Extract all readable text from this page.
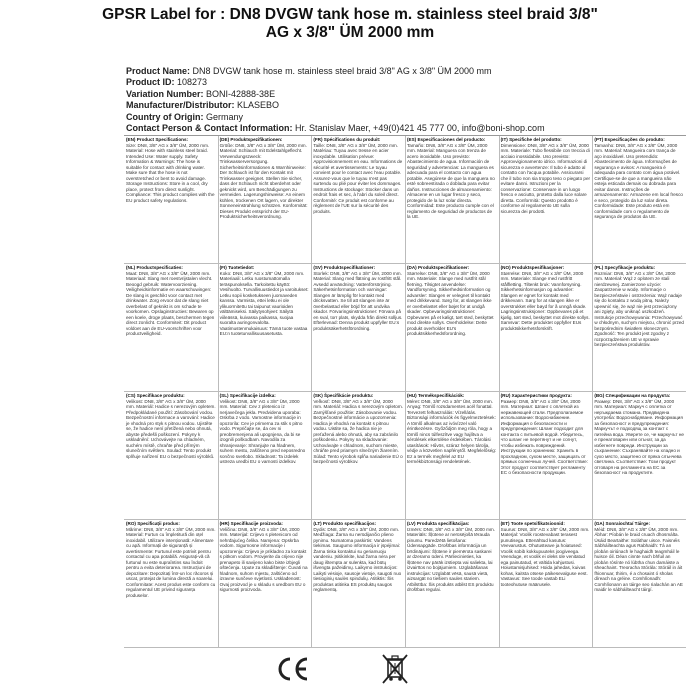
GPSR Label for : DN8 DVGW tank hose m. stainless steel braid 3/8"
AG x 3/8" ÜM 2000 mm
Product Name: DN8 DVGW tank hose m. stainless steel braid 3/8" AG x 3/8" ÜM 2000 mm
Product ID: 108273
Variation Number: BONI-42888-38E
Manufacturer/Distributor: KLASEBO
Country of Origin: Germany
Contact Person & Contact Information: Hr. Stanislav Maer, +49(0)421 45 777 00, info@boni-shop.com

(EN) Product Specifications:

Size: DN8, 3/8" AG x 3/8" ÜM, 2000 mm. Material: Hose with stainless steel braid. Intended Use: Water supply. Safety Information & Warnings: The hose is suitable for contact with drinking water. Make sure that the hose is not overstretched or bent to avoid damage. Storage Instructions: Store in a cool, dry place, protect from direct sunlight. Compliance: This product complies with the EU product safety regulations.

(DE) Produktspezifikationen:

Größe: DN8, 3/8" AG x 3/8" ÜM, 2000 mm. Material: Schlauch mit Edelstahlgeflecht. Verwendungszweck: Trinkwasserversorgung. Sicherheitsinformationen & Warnhinweise: Der Schlauch ist für den Kontakt mit Trinkwasser geeignet. Stellen Sie sicher, dass der Schlauch nicht überdehnt oder geknickt wird, um Beschädigungen zu vermeiden. Lagerungshinweise: An einem kühlen, trockenen Ort lagern, vor direkter Sonneneinstrahlung schützen. Konformität: Dieses Produkt entspricht der EU-Produktsicherheitsverordnung.

(FR) Spécifications du produit:

Taille: DN8, 3/8" AG x 3/8" ÜM, 2000 mm. Matériau: Tuyau avec tresse en acier inoxydable. Utilisation prévue: Approvisionnement en eau. Informations de sécurité et avertissements: Le tuyau convient pour le contact avec l'eau potable. Assurez-vous que le tuyau n'est pas surtendu ou plié pour éviter les dommages. Instructions de stockage: Stocker dans un endroit frais et sec, à l'abri du soleil direct. Conformité: Ce produit est conforme au règlement de l'UE sur la sécurité des produits.

(ES) Especificaciones del producto:

Tamaño: DN8, 3/8" AG x 3/8" ÜM, 2000 mm. Material: Manguera con trenza de acero inoxidable. Uso previsto: Abastecimiento de agua. Información de seguridad y advertencias: La manguera es adecuada para el contacto con agua potable. Asegúrese de que la manguera no esté sobreestirada o doblada para evitar daños. Instrucciones de almacenamiento: Almacene en un lugar fresco y seco, protegido de la luz solar directa. Conformidad: Este producto cumple con el reglamento de seguridad de productos de la UE.

(IT) Specifiche del prodotto:

Dimensione: DN8, 3/8" AG x 3/8" ÜM, 2000 mm. Materiale: Tubo flessibile con treccia di acciaio inossidabile. Uso previsto: Approvvigionamento idrico. Informazioni di sicurezza e avvertenze: Il tubo è adatto al contatto con l'acqua potabile. Assicurarsi che il tubo non sia troppo teso o piegato per evitare danni. Istruzioni per la conservazione: Conservare in un luogo fresco e asciutto, protetto dalla luce solare diretta. Conformità: Questo prodotto è conforme al regolamento UE sulla sicurezza dei prodotti.

(PT) Especificações do produto:

Tamanho: DN8, 3/8" AG x 3/8" ÜM, 2000 mm. Material: Mangueira com trança de aço inoxidável. Uso pretendido: Abastecimento de água. Informações de segurança e avisos: A mangueira é adequada para contato com água potável. Certifique-se de que a mangueira não esteja esticada demais ou dobrada para evitar danos. Instruções de armazenamento: Armazene em local fresco e seco, protegido da luz solar direta. Conformidade: Este produto está em conformidade com o regulamento de segurança de produtos da UE.

(NL) Productspecificaties:

Maat: DN8, 3/8" AG x 3/8" ÜM, 2000 mm. Materiaal: Slang met roestvrijstalen vlecht. Beoogd gebruik: Watervoorziening. Veiligheidsinformatie en waarschuwingen: De slang is geschikt voor contact met drinkwater. Zorg ervoor dat de slang niet overbelast of geknikt is om schade te voorkomen. Opslaginstructies: Bewaren op een koele, droge plaats, beschermen tegen direct zonlicht. Conformiteit: Dit product voldoet aan de EU-voorschriften voor productveiligheid.

(FI) Tuotetiedot:

Koko: DN8, 3/8" AG x 3/8" ÜM, 2000 mm. Materiaali: Letku ruostumattomalla teräspunoksella. Tarkoitettu käyttö: Vesihuolto. Turvallisuustiedot ja varoitukset: Letku sopii kosketukseen juomaveden kanssa. Varmista, ettei letku ei ole ylikuormitettu tai taipunut vaurioiden välttämiseksi. Säilytysohjeet: Säilytä viileässä, kuivassa paikassa, suojaa suoralta auringonvalolta. Vaatimustenmukaisuus: Tämä tuote vastaa EU:n tuoteturvallisuusasetusta.

(SV) Produktspecifikationer:

Storlek: DN8, 3/8" AG x 3/8" ÜM, 2000 mm. Material: Slang med flätning av rostfritt stål. Avsedd användning: Vattenförsörjning. Säkerhetsinformation och varningar: Slangen är lämplig för kontakt med dricksvatten. Se till att slangen inte är överbelastad eller böjd för att undvika skador. Förvaringsinstruktioner: Förvara på en sval, torr plats, skydda från direkt solljus. Efterlevnad: Denna produkt uppfyller EU:s produktsäkerhetsförordning.

(DA) Produktspecifikationer:

Størrelse: DN8, 3/8" AG x 3/8" ÜM, 2000 mm. Materiale: Slange med rustfrit stål fletning. Tilsigtet anvendelse: Vandforsyning. Sikkerhedsinformation og advarsler: Slangen er velegnet til kontakt med drikkevand. Sørg for, at slangen ikke er overbelastet eller bøjet for at undgå skader. Opbevaringsinstruktioner: Opbevares på et køligt, tørt sted, beskyttet mod direkte sollys. Overholdelse: Dette produkt overholder EU's produktsikkerhedsforordning.

(NO) Produktspesifikasjoner:

Størrelse: DN8, 3/8" AG x 3/8" ÜM, 2000 mm. Materiale: Slange med rustfritt stålfletting. Tiltenkt bruk: Vannforsyning. Sikkerhetsinformasjon og advarsler: Slangen er egnet for kontakt med drikkevann. Sørg for at slangen ikke er overstrukket eller bøyd for å unngå skade. Lagringsinstruksjoner: Oppbevares på et kjølig, tørt sted, beskyttet mot direkte sollys. Samsvar: Dette produktet oppfyller EUs produktsikkerhetsforskrift.

(PL) Specyfikacje produktu:

Rozmiar: DN8, 3/8" AG x 3/8" ÜM, 2000 mm. Materiał: Wąż z oplotem ze stali nierdzewnej. Zamierzone użycie: Zaopatrzenie w wodę. Informacje o bezpieczeństwie i ostrzeżenia: Wąż nadaje się do kontaktu z wodą pitną. Należy upewnić się, że wąż nie jest przeciążony ani zgięty, aby uniknąć uszkodzeń. Instrukcje przechowywania: Przechowywać w chłodnym, suchym miejscu, chronić przed bezpośrednim światłem słonecznym. Zgodność: Ten produkt jest zgodny z rozporządzeniem UE w sprawie bezpieczeństwa produktów.

(CS) Specifikace produktu:

Velikost: DN8, 3/8" AG x 3/8" ÜM, 2000 mm. Materiál: Hadice s nerezovým opletem. Předpokládané použití: Zásobování vodou. Bezpečnostní informace a varování: Hadice je vhodná pro styk s pitnou vodou. Ujistěte se, že hadice není přetížená nebo ohnutá, abyste předešli poškození. Pokyny k uskladnění: Uchovávejte na chladném, suchém místě, chraňte před přímým slunečním světlem. Soulad: Tento produkt splňuje nařízení EU o bezpečnosti výrobků.

(SL) Specifikacije izdelka:

Velikost: DN8, 3/8" AG x 3/8" ÜM, 2000 mm. Material: Cev z pletenico iz nerjavečega jekla. Predvidena uporaba: Oskrba z vodo. Varnostne informacije in opozorila: Cev je primerna za stik s pitno vodo. Prepričajte se, da cev ni preobremenjena ali upognjena, da bi se izognili poškodbam. Navodila za shranjevanje: Shranjujte na hladnem, suhem mestu, zaščiteno pred neposredno sončno svetlobo. Skladnost: Ta izdelek ustreza uredbi EU o varnosti izdelkov.

(SK) Špecifikácie produktu:

Veľkosť: DN8, 3/8" AG x 3/8" ÜM, 2000 mm. Materiál: Hadica s nerezovým opletom. Zamýšľané použitie: Zásobovanie vodou. Bezpečnostné informácie a upozornenia: Hadica je vhodná na kontakt s pitnou vodou. Uistite sa, že hadica nie je preťažená alebo ohnutá, aby sa zabránilo poškodeniu. Pokyny na skladovanie: Uchovávajte v chladnom, suchom mieste, chráňte pred priamym slnečným žiarením. Súlad: Tento výrobok spĺňa nariadenie EÚ o bezpečnosti výrobkov.

(HU) Termékspecifikációk:

Méret: DN8, 3/8" AG x 3/8" ÜM, 2000 mm. Anyag: Tömlő rozsdamentes acél fonattal. Tervezett felhasználás: Vízellátás. Biztonsági információk és figyelmeztetések: A tömlő alkalmas az ivóvízzel való érintkezésre. Győződjön meg róla, hogy a tömlő nincs túlfeszítve vagy hajlítva a sérülések elkerülése érdekében. Tárolási utasítások: Hűvös, száraz helyen tárolja, védje a közvetlen napfénytől. Megfelelőség: Ez a termék megfelel az EU termékbiztonsági rendeletének.

(RU) Характеристики продукта:

Размер: DN8, 3/8" AG x 3/8" ÜM, 2000 mm. Материал: Шланг с оплеткой из нержавеющей стали. Предполагаемое использование: Водоснабжение. Информация о безопасности и предупреждения: Шланг подходит для контакта с питьевой водой. Убедитесь, что шланг не перетянут и не согнут, чтобы избежать повреждений. Инструкции по хранению: Хранить в прохладном, сухом месте, защищать от прямых солнечных лучей. Соответствие: Этот продукт соответствует регламенту ЕС о безопасности продукции.

(BG) Спецификации на продукта:

Размер: DN8, 3/8" AG x 3/8" ÜM, 2000 mm. Материал: Маркуч с оплетка от неръждаема стомана. Предвидена употреба: Водоснабдяване. Информация за безопасност и предупреждения: Маркучът е подходящ за контакт с питейна вода. Уверете се, че маркучът не е пренатоварен или огънат, за да избегнете повреди. Инструкции за съхранение: Съхранявайте на хладно и сухо място, защитено от пряка слънчева светлина. Съответствие: Този продукт отговаря на регламента на ЕС за безопасност на продуктите.

(RO) Specificații produs:

Mărime: DN8, 3/8" AG x 3/8" ÜM, 2000 mm. Material: Furtun cu împletitură din oțel inoxidabil. Utilizare intenționată: Alimentare cu apă. Informații de siguranță și avertismente: Furtunul este potrivit pentru contactul cu apa potabilă. Asigurați-vă că furtunul nu este supraîntins sau îndoit pentru a evita deteriorarea. Instrucțiuni de depozitare: Depozitați într-un loc răcoros și uscat, protejat de lumina directă a soarelui. Conformitate: Acest produs este conform cu regulamentul UE privind siguranța produselor.

(HR) Specifikacije proizvoda:

Veličina: DN8, 3/8" AG x 3/8" ÜM, 2000 mm. Materijal: Crijevo s pletenicom od nehrđajućeg čelika. Namjena: Opskrba vodom. Sigurnosne informacije i upozorenja: Crijevo je prikladno za kontakt s pitkom vodom. Provjerite da crijevo nije prenapeto ili savijeno kako biste izbjegli oštećenja. Upute za skladištenje: Čuvati na hladnom, suhom mjestu, zaštićeno od izravne sunčeve svjetlosti. Usklađenost: Ovaj proizvod je u skladu s uredbom EU o sigurnosti proizvoda.

(LT) Produkto specifikacijos:

Dydis: DN8, 3/8" AG x 3/8" ÜM, 2000 mm. Medžiaga: Žarna su nerūdijančio plieno pynimu. Numatoma paskirtis: Vandens tiekimas. Saugumo informacija ir įspėjimai: Žarna tinka kontaktui su geriamuoju vandeniu. Įsitikinkite, kad žarna nėra per daug ištempta ar sulenkta, kad būtų išvengta pažeidimų. Laikymo instrukcijos: Laikyti vėsioje, sausoje vietoje, saugoti nuo tiesioginių saulės spindulių. Atitiktis: Šis produktas atitinka ES produktų saugos reglamentą.

(LV) Produkta specifikācijas:

Izmērs: DN8, 3/8" AG x 3/8" ÜM, 2000 mm. Materiāls: Šļūtene ar nerūsējošā tērauda pinumu. Paredzētā lietošana: Ūdensapgāde. Drošības informācija un brīdinājumi: Šļūtene ir piemērota saskarei ar dzeramo ūdeni. Pārliecinieties, ka šļūtene nav pārāk izstiepta vai saliekta, lai izvairītos no bojājumiem. Uzglabāšanas instrukcijas: Uzglabāt vēsā, sausā vietā, aizsargāt no tiešiem saules stariem. Atbilstība: Šis produkts atbilst ES produktu drošības regulai.

(ET) Toote spetsifikatsioonid:

Suurus: DN8, 3/8" AG x 3/8" ÜM, 2000 mm. Materjal: Voolik roostevabast terasest punutisega. Ettenähtud kasutus: Veevarustus. Ohutusteave ja hoiatused: Voolik sobib kokkupuuteks joogiveega. Veenduge, et voolik ei oleks üle venitatud ega painutatud, et vältida kahjustusi. Hoiustamisjuhised: Hoida jahedas, kuivas kohas, kaitsta otsese päikesevalguse eest. Vastavus: See toode vastab ELi tooteohutuse määrusele.

(GA) Sonraíochtaí Táirge:

Méid: DN8, 3/8" AG x 3/8" ÜM, 2000 mm. Ábhar: Píobán le braid cruach dhosmálta. Úsáid Beartaithe: Soláthar uisce. Faisnéis Sábháilteachta agus Rabhaidh: Tá an píobán oiriúnach le haghaidh teagmháil le huisce óil. Déan cinnte nach bhfuil an píobán rósínte nó lúbtha chun damáiste a sheachaint. Treoracha Stórála: Stóráil in áit fhionnuar, thirim, é a chosaint ó sholas díreach na gréine. Comhlíonadh: Comhlíonann an táirge seo rialachán an AE maidir le sábháilteacht táirgí.
